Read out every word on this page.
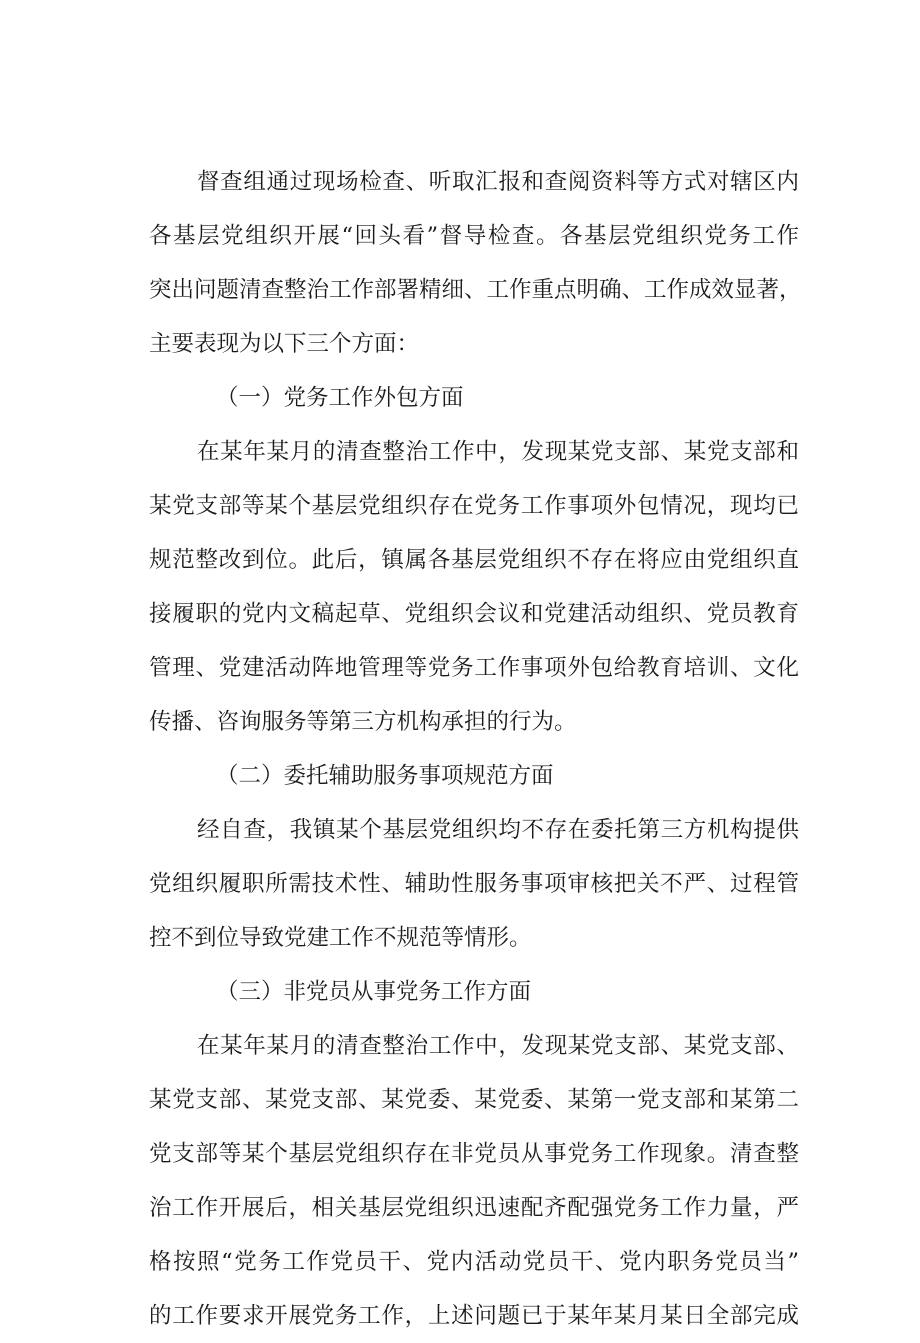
督查组通过现场检查、听取汇报和查阅资料等方式对辖区内
各基层党组织开展“回头看”督导检查。各基层党组织党务工作
突出问题清查整治工作部署精细、工作重点明确、工作成效显著，
主要表现为以下三个方面：
（一）党务工作外包方面
在某年某月的清查整治工作中，发现某党支部、某党支部和
某党支部等某个基层党组织存在党务工作事项外包情况，现均已
规范整改到位。此后，镇属各基层党组织不存在将应由党组织直
接履职的党内文稿起草、党组织会议和党建活动组织、党员教育
管理、党建活动阵地管理等党务工作事项外包给教育培训、文化
传播、咨询服务等第三方机构承担的行为。
（二）委托辅助服务事项规范方面
经自查，我镇某个基层党组织均不存在委托第三方机构提供
党组织履职所需技术性、辅助性服务事项审核把关不严、过程管
控不到位导致党建工作不规范等情形。
（三）非党员从事党务工作方面
在某年某月的清查整治工作中，发现某党支部、某党支部、
某党支部、某党支部、某党委、某党委、某第一党支部和某第二
党支部等某个基层党组织存在非党员从事党务工作现象。清查整
治工作开展后，相关基层党组织迅速配齐配强党务工作力量，严
格按照“党务工作党员干、党内活动党员干、党内职务党员当”
的工作要求开展党务工作，上述问题已于某年某月某日全部完成
